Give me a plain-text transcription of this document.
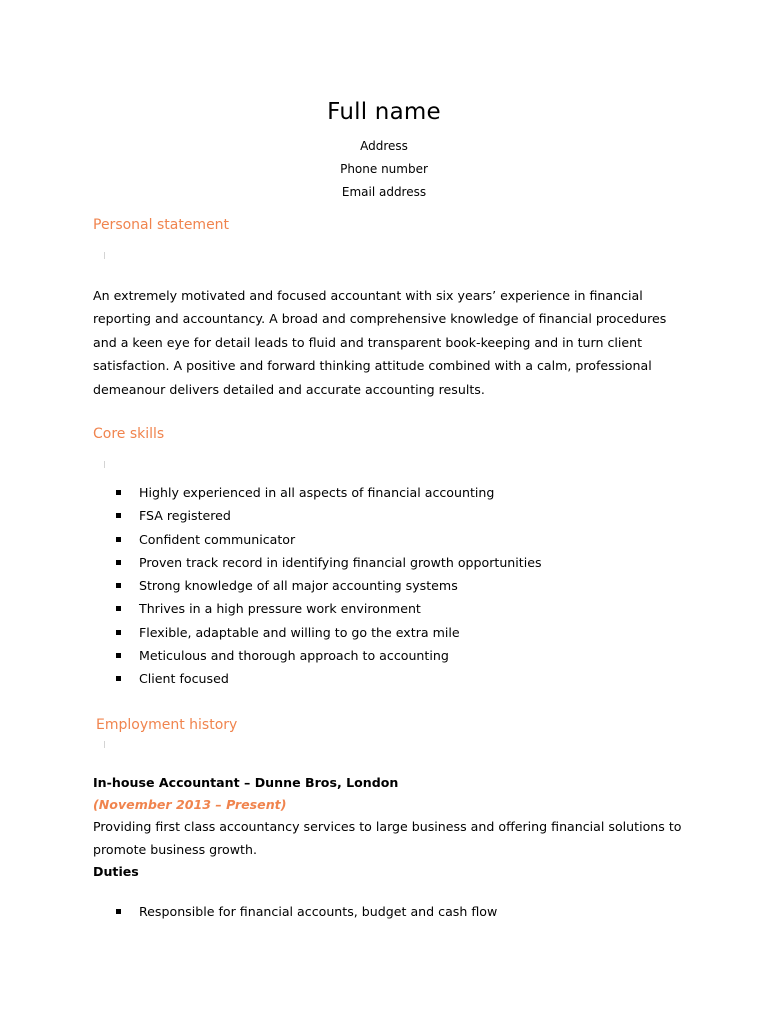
Full name
Address
Phone number
Email address
Personal statement
An extremely motivated and focused accountant with six years’ experience in financial reporting and accountancy. A broad and comprehensive knowledge of financial procedures and a keen eye for detail leads to fluid and transparent book-keeping and in turn client satisfaction. A positive and forward thinking attitude combined with a calm, professional demeanour delivers detailed and accurate accounting results.
Core skills
Highly experienced in all aspects of financial accounting
FSA registered
Confident communicator
Proven track record in identifying financial growth opportunities
Strong knowledge of all major accounting systems
Thrives in a high pressure work environment
Flexible, adaptable and willing to go the extra mile
Meticulous and thorough approach to accounting
Client focused
Employment history
In-house Accountant – Dunne Bros, London
(November 2013 – Present)
Providing first class accountancy services to large business and offering financial solutions to promote business growth.
Duties
Responsible for financial accounts, budget and cash flow
